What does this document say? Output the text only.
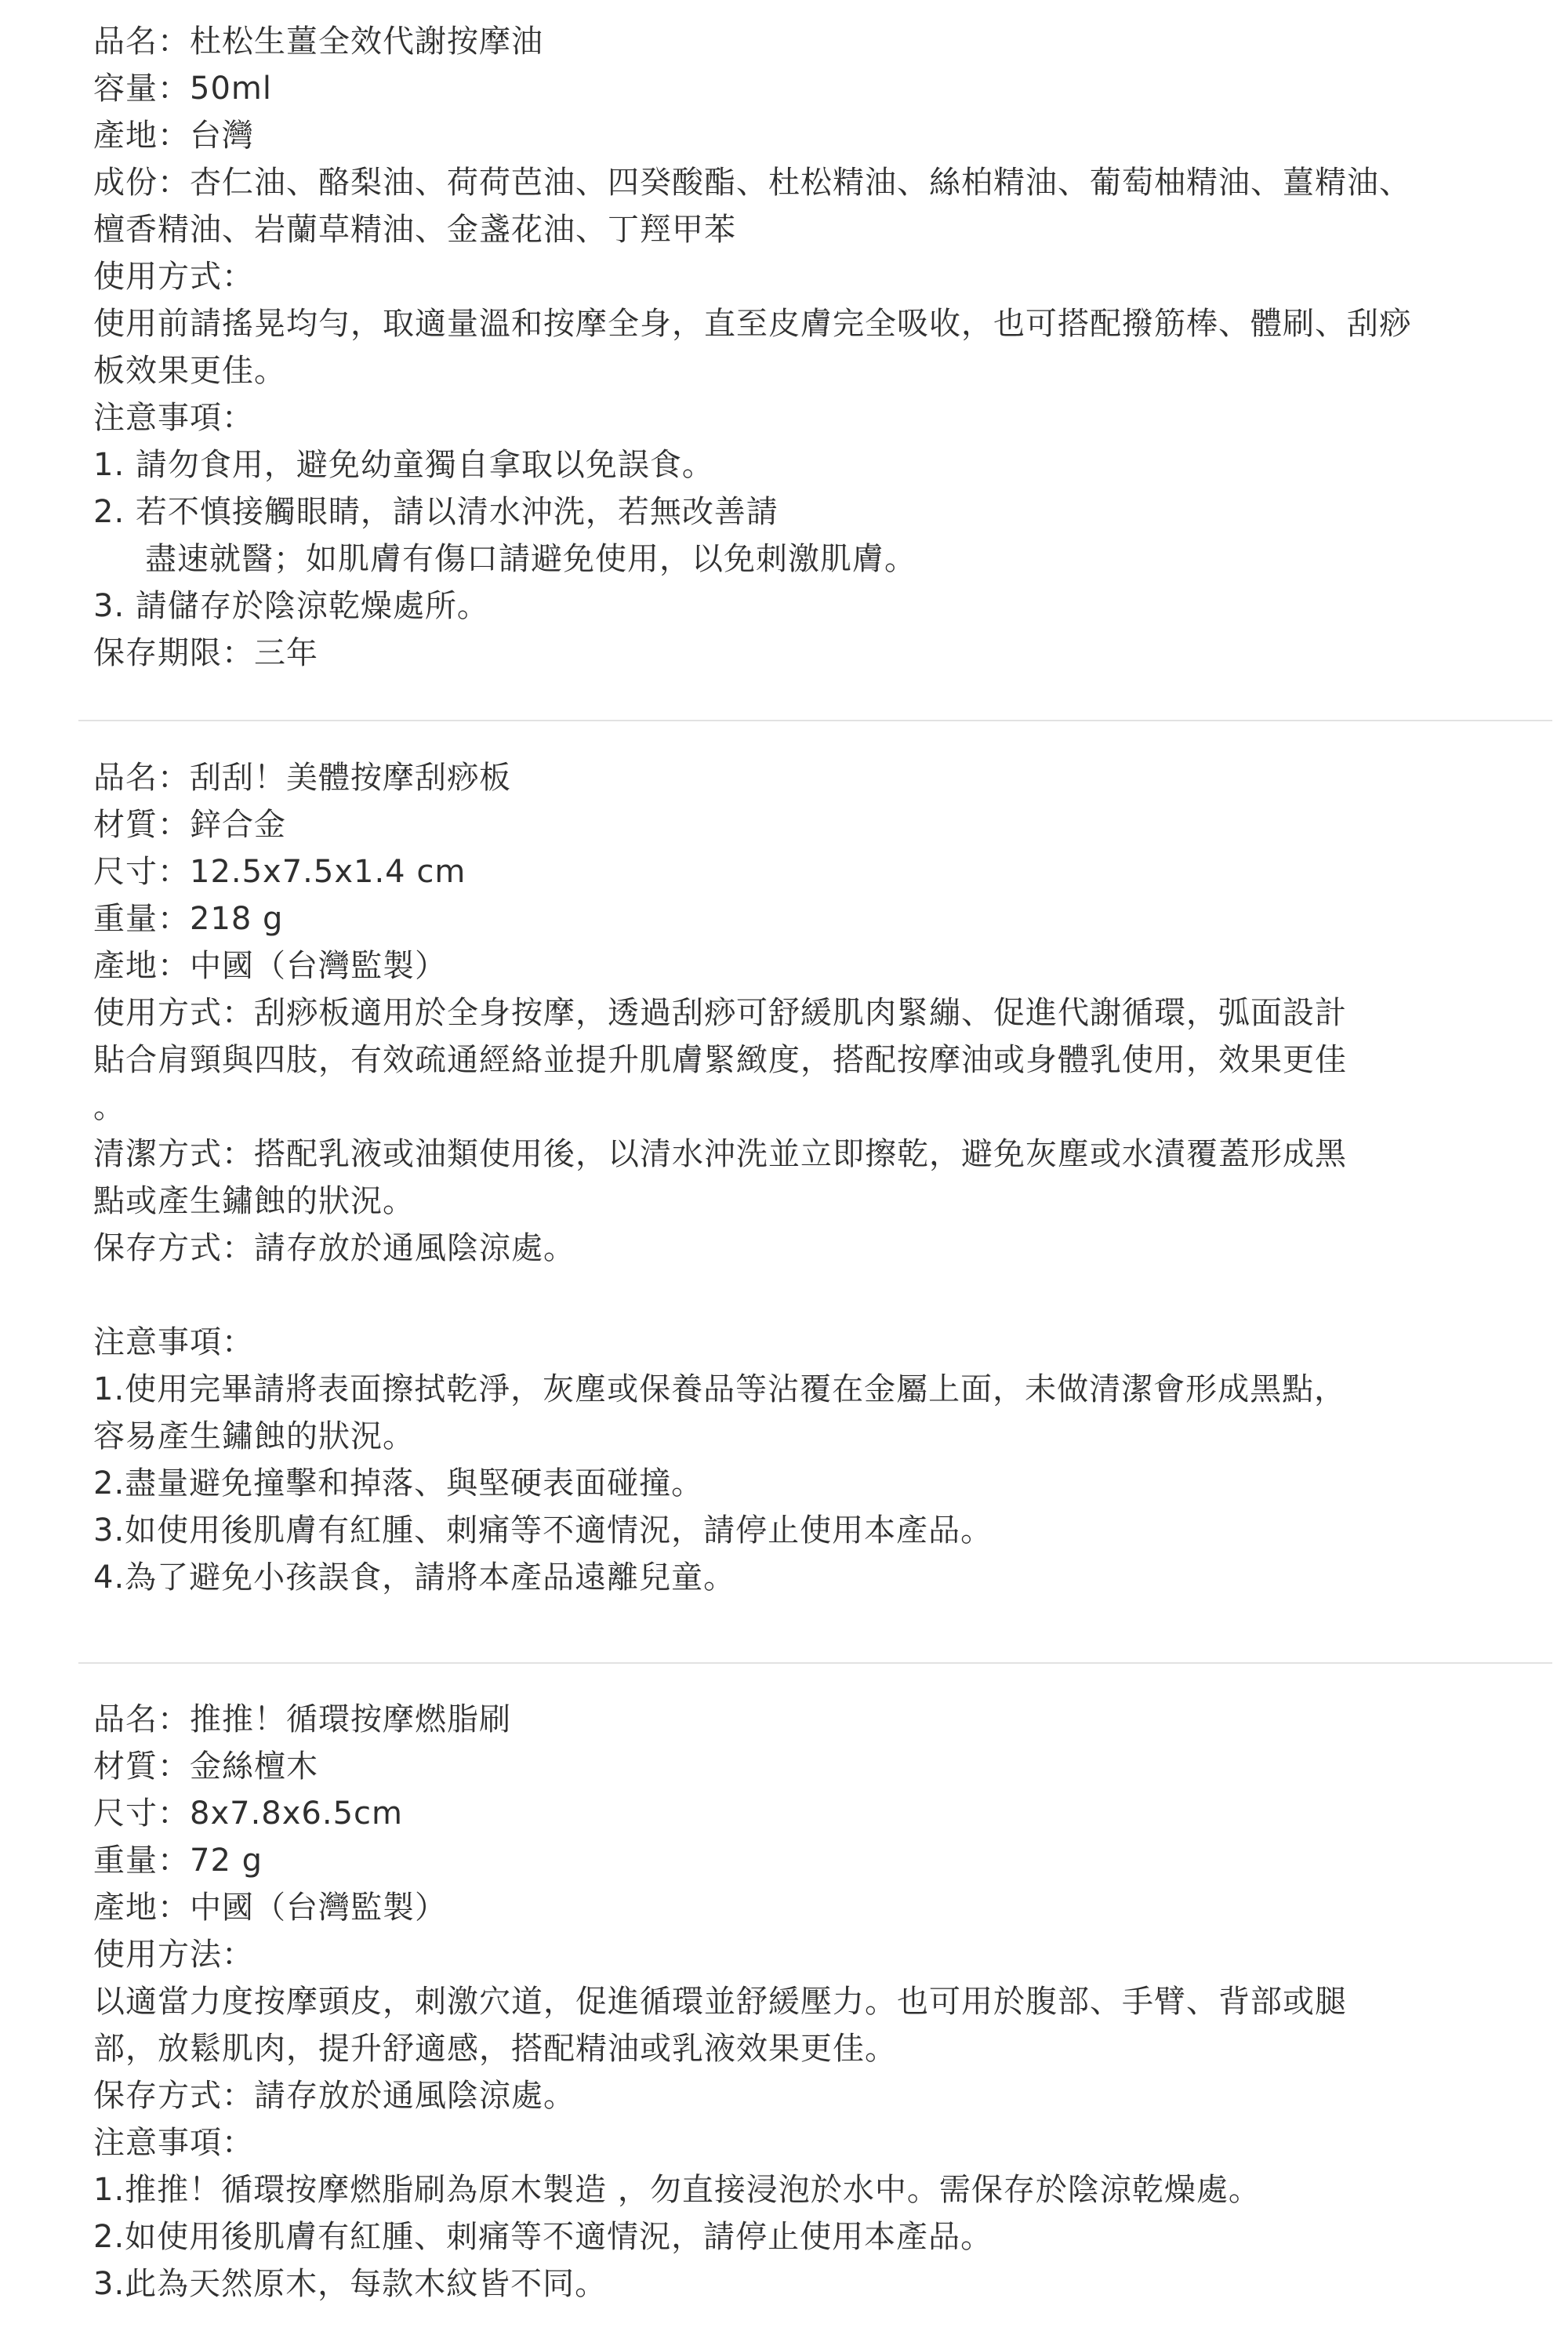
品名：杜松生薑全效代謝按摩油
容量：50ml
產地：台灣
成份：杏仁油、酪梨油、荷荷芭油、四癸酸酯、杜松精油、絲柏精油、葡萄柚精油、薑精油、
檀香精油、岩蘭草精油、金盞花油、丁羥甲苯
使用方式：
使用前請搖晃均勻，取適量溫和按摩全身，直至皮膚完全吸收，也可搭配撥筋棒、體刷、刮痧
板效果更佳。
注意事項：
1. 請勿食用，避免幼童獨自拿取以免誤食。
2. 若不慎接觸眼睛，請以清水沖洗，若無改善請
盡速就醫；如肌膚有傷口請避免使用，以免刺激肌膚。
3. 請儲存於陰涼乾燥處所。
保存期限：三年
品名：刮刮！美體按摩刮痧板
材質：鋅合金
尺寸：12.5x7.5x1.4 cm
重量：218 g
產地：中國（台灣監製）
使用方式：刮痧板適用於全身按摩，透過刮痧可舒緩肌肉緊繃、促進代謝循環，弧面設計
貼合肩頸與四肢，有效疏通經絡並提升肌膚緊緻度，搭配按摩油或身體乳使用，效果更佳
。
清潔方式：搭配乳液或油類使用後，以清水沖洗並立即擦乾，避免灰塵或水漬覆蓋形成黑
點或產生鏽蝕的狀況。
保存方式：請存放於通風陰涼處。
注意事項：
1.使用完畢請將表面擦拭乾淨，灰塵或保養品等沾覆在金屬上面，未做清潔會形成黑點，
容易產生鏽蝕的狀況。
2.盡量避免撞擊和掉落、與堅硬表面碰撞。
3.如使用後肌膚有紅腫、刺痛等不適情況，請停止使用本產品。
4.為了避免小孩誤食，請將本產品遠離兒童。
品名：推推！循環按摩燃脂刷
材質：金絲檀木
尺寸：8x7.8x6.5cm
重量：72 g
產地：中國（台灣監製）
使用方法：
以適當力度按摩頭皮，刺激穴道，促進循環並舒緩壓力。也可用於腹部、手臂、背部或腿
部，放鬆肌肉，提升舒適感，搭配精油或乳液效果更佳。
保存方式：請存放於通風陰涼處。
注意事項：
1.推推！循環按摩燃脂刷為原木製造 ，勿直接浸泡於水中。需保存於陰涼乾燥處。
2.如使用後肌膚有紅腫、刺痛等不適情況，請停止使用本產品。
3.此為天然原木，每款木紋皆不同。
